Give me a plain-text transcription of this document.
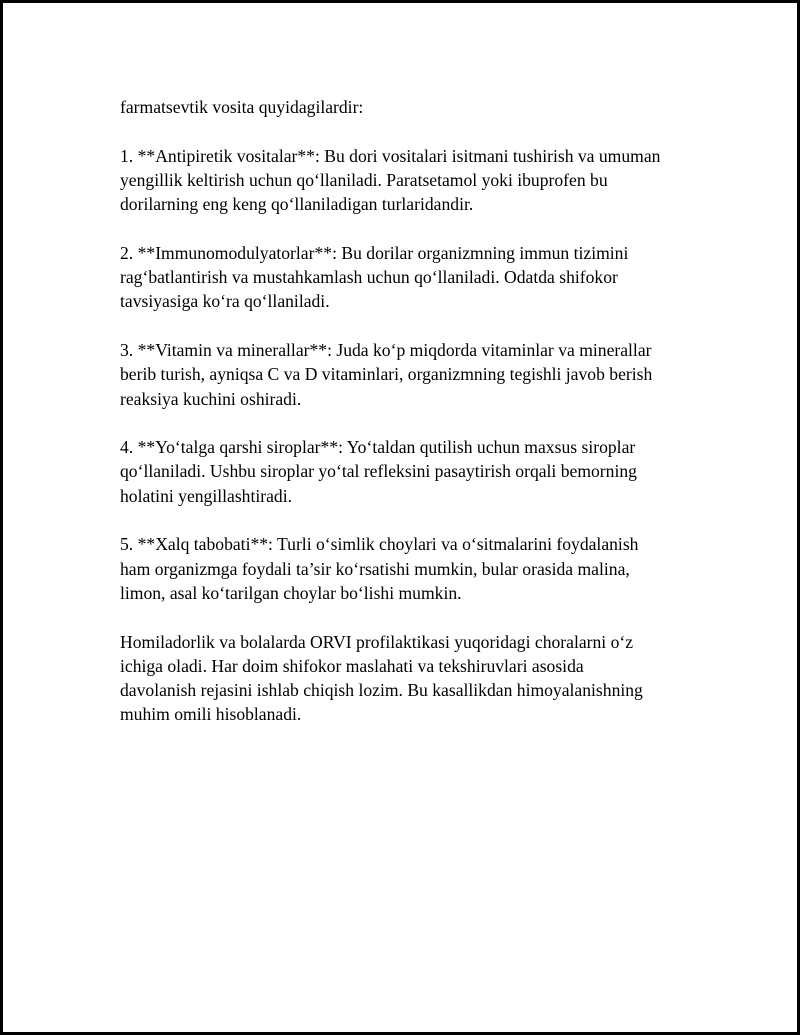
farmatsevtik vosita quyidagilardir:

1. **Antipiretik vositalar**: Bu dori vositalari isitmani tushirish va umuman
yengillik keltirish uchun qo‘llaniladi. Paratsetamol yoki ibuprofen bu
dorilarning eng keng qo‘llaniladigan turlaridandir.

2. **Immunomodulyatorlar**: Bu dorilar organizmning immun tizimini
rag‘batlantirish va mustahkamlash uchun qo‘llaniladi. Odatda shifokor
tavsiyasiga ko‘ra qo‘llaniladi.

3. **Vitamin va minerallar**: Juda ko‘p miqdorda vitaminlar va minerallar
berib turish, ayniqsa C va D vitaminlari, organizmning tegishli javob berish
reaksiya kuchini oshiradi.

4. **Yo‘talga qarshi siroplar**: Yo‘taldan qutilish uchun maxsus siroplar
qo‘llaniladi. Ushbu siroplar yo‘tal refleksini pasaytirish orqali bemorning
holatini yengillashtiradi.

5. **Xalq tabobati**: Turli o‘simlik choylari va o‘sitmalarini foydalanish
ham organizmga foydali ta’sir ko‘rsatishi mumkin, bular orasida malina,
limon, asal ko‘tarilgan choylar bo‘lishi mumkin.

Homiladorlik va bolalarda ORVI profilaktikasi yuqoridagi choralarni o‘z
ichiga oladi. Har doim shifokor maslahati va tekshiruvlari asosida
davolanish rejasini ishlab chiqish lozim. Bu kasallikdan himoyalanishning
muhim omili hisoblanadi.
